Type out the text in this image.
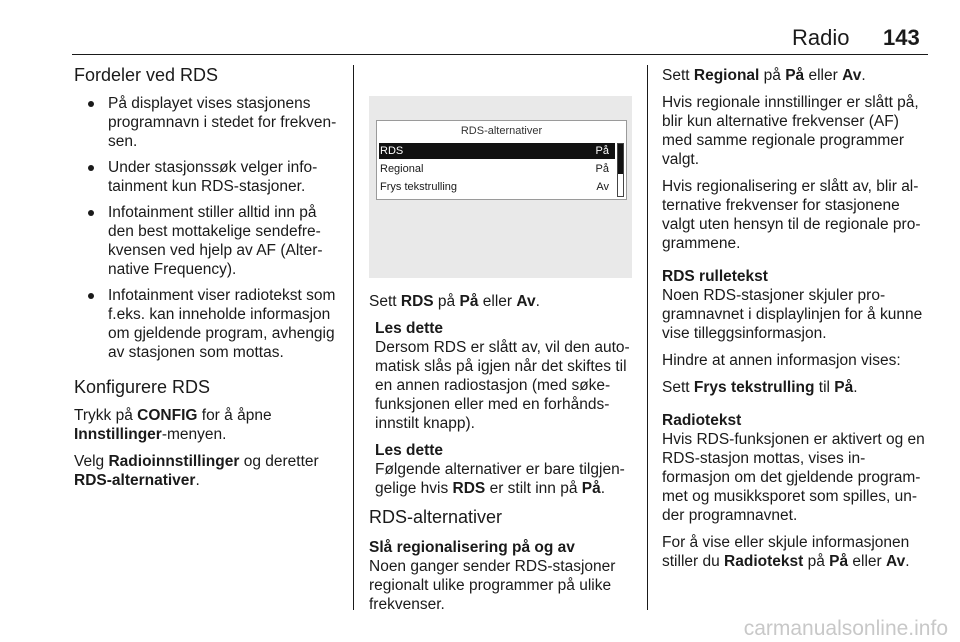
Radio 143
Fordeler ved RDS
På displayet vises stasjonens programnavn i stedet for frekven-sen.
Under stasjonssøk velger info-tainment kun RDS-stasjoner.
Infotainment stiller alltid inn på den best mottakelige sendefre-kvensen ved hjelp av AF (Alter-native Frequency).
Infotainment viser radiotekst som f.eks. kan inneholde informasjon om gjeldende program, avhengig av stasjonen som mottas.
Konfigurere RDS

Trykk på CONFIG for å åpne
Innstillinger-menyen.

Velg Radioinnstillinger og deretter
RDS-alternativer.

RDS-alternativer
RDS	På
Regional	På
Frys tekstrulling	Av

Sett RDS på På eller Av.

Les dette

Dersom RDS er slått av, vil den auto-matisk slås på igjen når det skiftes til en annen radiostasjon (med søke-funksjonen eller med en forhånds-innstilt knapp).

Les dette

Følgende alternativer er bare tilgjen-gelige hvis RDS er stilt inn på På.

RDS-alternativer
Slå regionalisering på og av

Noen ganger sender RDS-stasjoner regionalt ulike programmer på ulike frekvenser.

Sett Regional på På eller Av.

Hvis regionale innstillinger er slått på, blir kun alternative frekvenser (AF) med samme regionale programmer valgt.

Hvis regionalisering er slått av, blir al-ternative frekvenser for stasjonene valgt uten hensyn til de regionale pro-grammene.

RDS rulletekst

Noen RDS-stasjoner skjuler pro-gramnavnet i displaylinjen for å kunne vise tilleggsinformasjon.

Hindre at annen informasjon vises:

Sett Frys tekstrulling til På.

Radiotekst

Hvis RDS-funksjonen er aktivert og en RDS-stasjon mottas, vises in-formasjon om det gjeldende program-met og musikksporet som spilles, un-der programnavnet.

For å vise eller skjule informasjonen stiller du Radiotekst på På eller Av.

carmanualsonline.info
